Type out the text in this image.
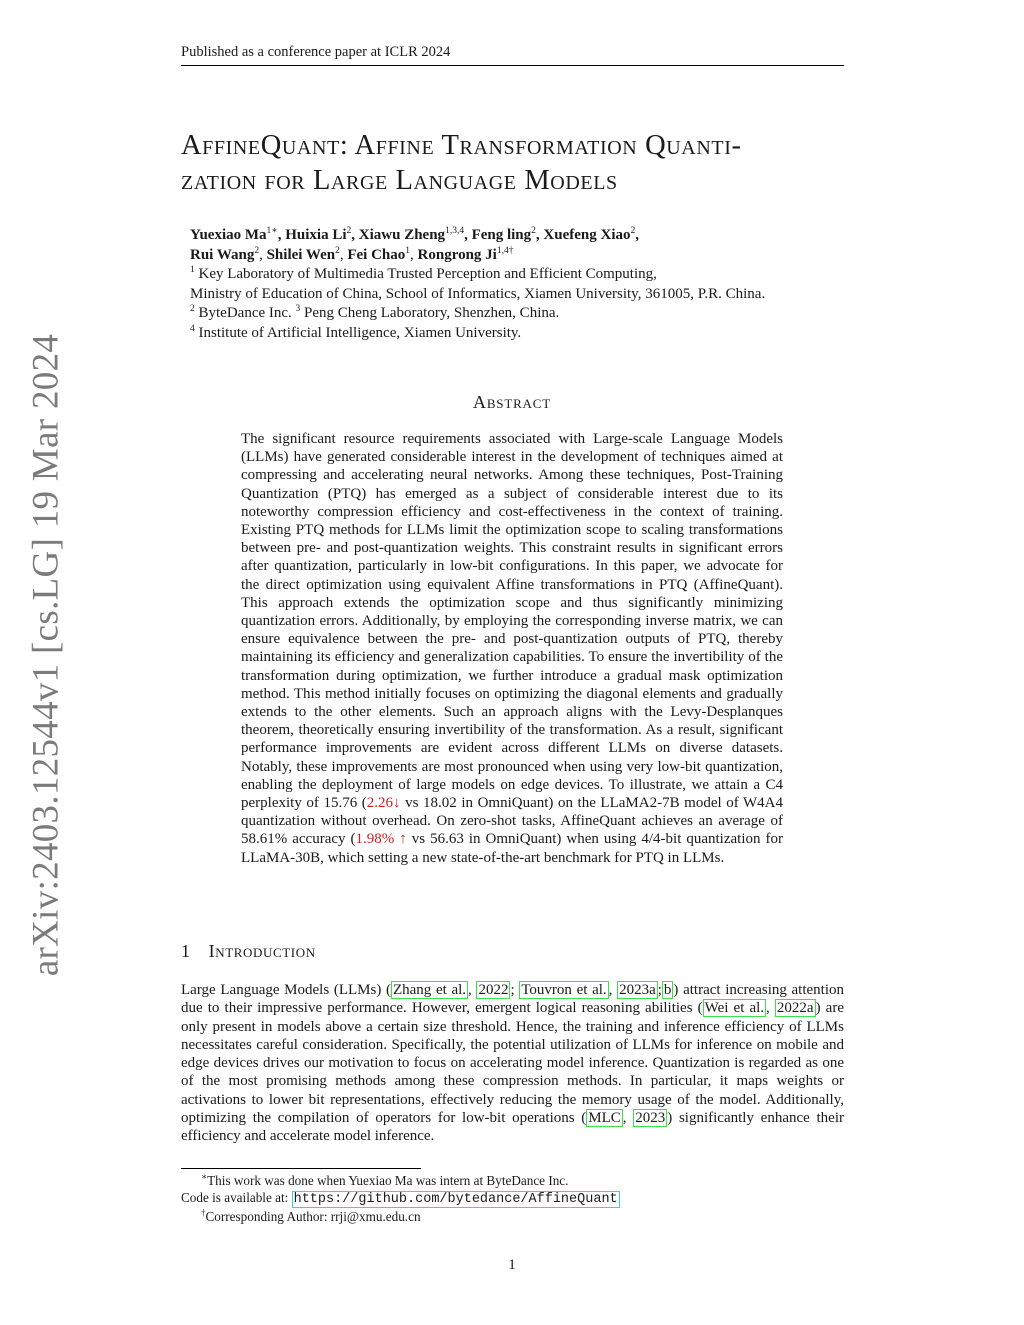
Published as a conference paper at ICLR 2024
arXiv:2403.12544v1 [cs.LG] 19 Mar 2024
AffineQuant: Affine Transformation Quanti-
zation for Large Language Models
Yuexiao $Ma^{1∗}$, Huixia Li$^2$, Xiawu Zheng$^{1,3,4}$, Feng ling$^2$, Xuefeng Xiao$^2$,
Rui Wang$^2$, Shilei Wen$^2$, Fei Chao$^1$, Rongrong $Ji^{1,4\dagger}$
$^1$ Key Laboratory of Multimedia Trusted Perception and Efficient Computing,
Ministry of Education of China, School of Informatics, Xiamen University, 361005, P.R. China.
$^2$ ByteDance Inc. $^3$ Peng Cheng Laboratory, Shenzhen, China.
$^4$ Institute of Artificial Intelligence, Xiamen University.
Abstract
The significant resource requirements associated with Large-scale Language Models (LLMs) have generated considerable interest in the development of techniques aimed at compressing and accelerating neural networks. Among these techniques, Post-Training Quantization (PTQ) has emerged as a subject of considerable interest due to its noteworthy compression efficiency and cost-effectiveness in the context of training. Existing PTQ methods for LLMs limit the optimization scope to scaling transformations between pre- and post-quantization weights. This constraint results in significant errors after quantization, particularly in low-bit configurations. In this paper, we advocate for the direct optimization using equivalent Affine transformations in PTQ (AffineQuant). This approach extends the optimization scope and thus significantly minimizing quantization errors. Additionally, by employing the corresponding inverse matrix, we can ensure equivalence between the pre- and post-quantization outputs of PTQ, thereby maintaining its efficiency and generalization capabilities. To ensure the invertibility of the transformation during optimization, we further introduce a gradual mask optimization method. This method initially focuses on optimizing the diagonal elements and gradually extends to the other elements. Such an approach aligns with the Levy-Desplanques theorem, theoretically ensuring invertibility of the transformation. As a result, significant performance improvements are evident across different LLMs on diverse datasets. Notably, these improvements are most pronounced when using very low-bit quantization, enabling the deployment of large models on edge devices. To illustrate, we attain a C4 perplexity of 15.76 (2.26↓ vs 18.02 in OmniQuant) on the LLaMA2-7B model of W4A4 quantization without overhead. On zero-shot tasks, AffineQuant achieves an average of 58.61% accuracy (1.98% ↑ vs 56.63 in OmniQuant) when using 4/4-bit quantization for LLaMA-30B, which setting a new state-of-the-art benchmark for PTQ in LLMs.
1 Introduction
Large Language Models (LLMs) ( Zhang et al. , 2022 ; Touvron et al. , 2023a ; b ) attract increasing attention due to their impressive performance. However, emergent logical reasoning abilities ( Wei et al. , 2022a ) are only present in models above a certain size threshold. Hence, the training and inference efficiency of LLMs necessitates careful consideration. Specifically, the potential utilization of LLMs for inference on mobile and edge devices drives our motivation to focus on accelerating model inference. Quantization is regarded as one of the most promising methods among these compression methods. In particular, it maps weights or activations to lower bit representations, effectively reducing the memory usage of the model. Additionally, optimizing the compilation of operators for low-bit operations ( MLC , 2023 ) significantly enhance their efficiency and accelerate model inference.
∗This work was done when Yuexiao Ma was intern at ByteDance Inc.
Code is available at: https://github.com/bytedance/AffineQuant
†Corresponding Author: rrji@xmu.edu.cn
1
